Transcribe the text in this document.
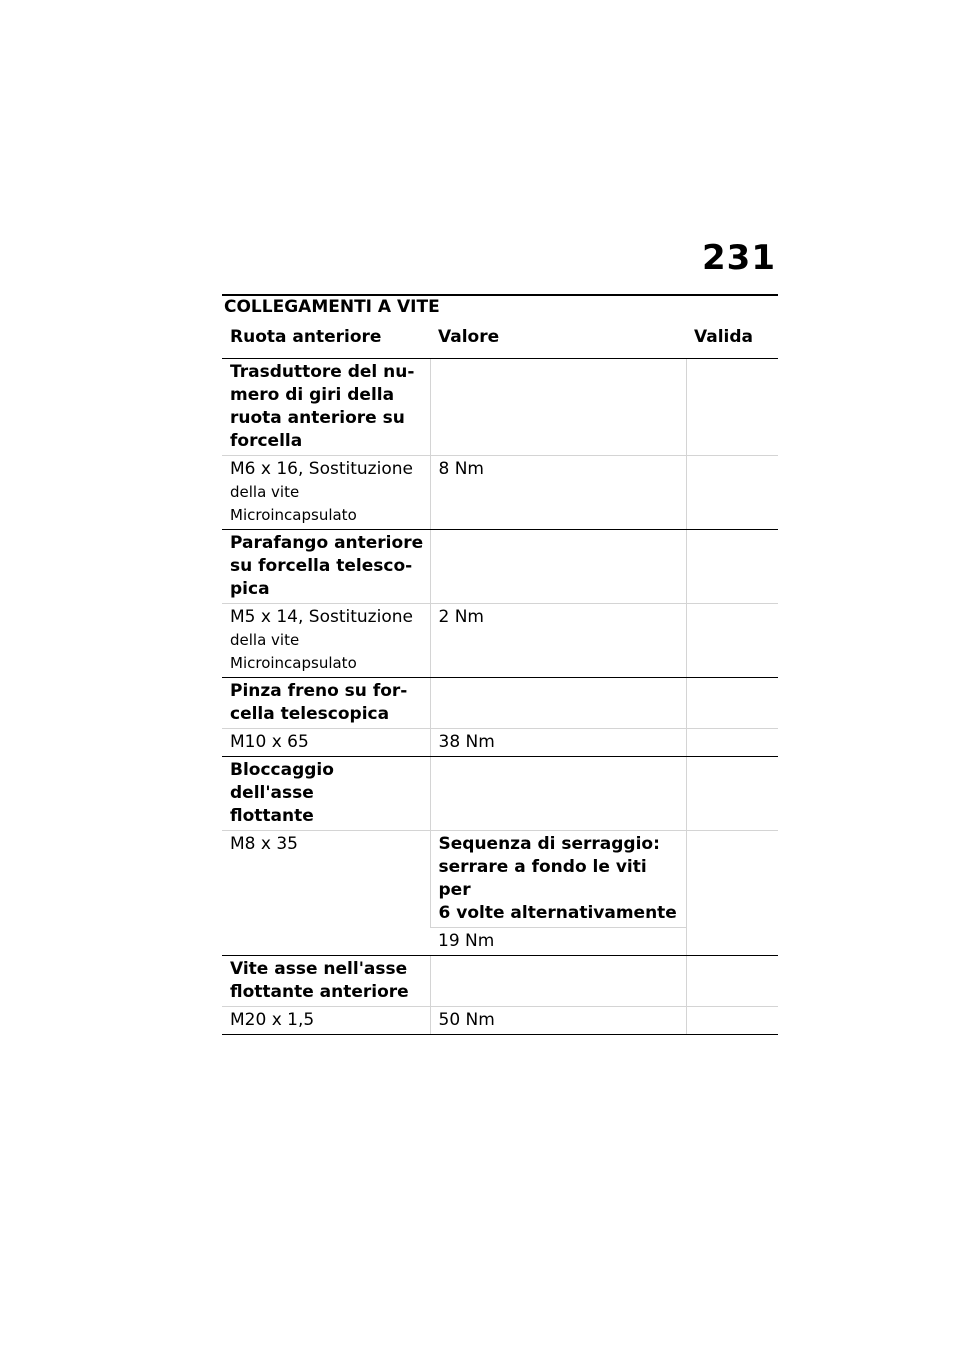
231
COLLEGAMENTI A VITE
Ruota anteriore	Valore	Valida
Trasduttore del nu-
mero di giri della
ruota anteriore su
forcella		
M6 x 16, Sostituzione
della vite
Microincapsulato	8 Nm	
Parafango anteriore
su forcella telesco-
pica		
M5 x 14, Sostituzione
della vite
Microincapsulato	2 Nm	
Pinza freno su for-
cella telescopica		
M10 x 65	38 Nm	
Bloccaggio dell'asse
flottante		
M8 x 35	Sequenza di serraggio:
serrare a fondo le viti per
6 volte alternativamente	
	19 Nm	
Vite asse nell'asse
flottante anteriore		
M20 x 1,5	50 Nm	
